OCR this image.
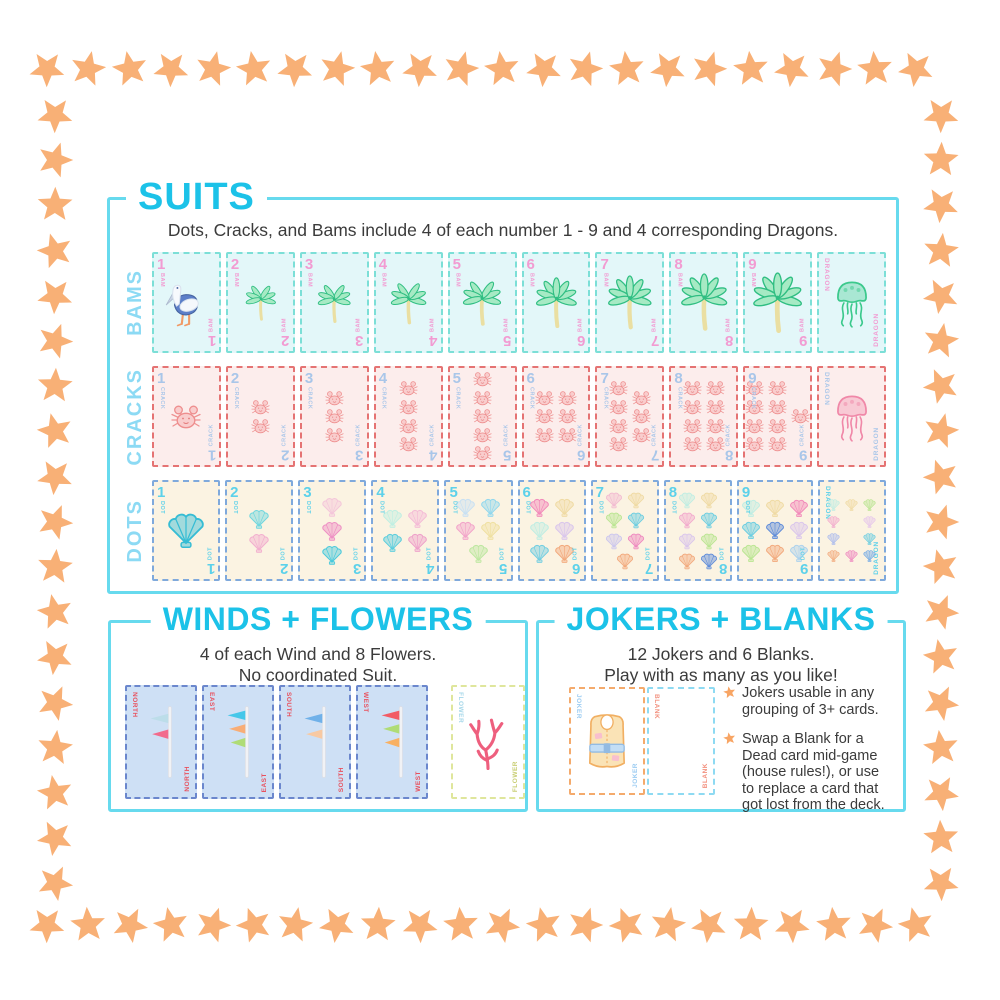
SUITS
Dots, Cracks, and Bams include 4 of each number 1 - 9 and 4 corresponding Dragons.
BAMS
1
BAM
1
BAM
2
BAM
2
BAM
3
BAM
3
BAM
4
BAM
4
BAM
5
BAM
5
BAM
6
BAM
6
BAM
7
BAM
7
BAM
8
BAM
8
BAM
9
BAM
9
BAM
DRAGON
DRAGON
CRACKS 1
CRACK
1
CRACK
2
CRACK
2
CRACK
3
CRACK
3
CRACK
4
CRACK
4
CRACK
5
CRACK
5
CRACK
6
CRACK
6
CRACK
7
CRACK
7
CRACK
8
CRACK
8
CRACK
9
CRACK
9
CRACK
DRAGON
DRAGON
DOTS
1
DOT
1
DOT
2
DOT
2
DOT
3
DOT
3
DOT
4
DOT
4
DOT
5
DOT
5
DOT
6
DOT
6
DOT
7
DOT
7
DOT
8
DOT
8
DOT
9
DOT
9
DOT
DRAGON
DRAGON
WINDS + FLOWERS
4 of each Wind and 8 Flowers.
No coordinated Suit.
NORTH
NORTH
EAST
EAST
SOUTH
SOUTH
WEST
WEST
FLOWER
FLOWER
JOKERS + BLANKS
12 Jokers and 6 Blanks.
Play with as many as you like!
JOKER
JOKER
BLANK
BLANK

Jokers usable in any grouping of 3+ cards.

Swap a Blank for a Dead card mid-game (house rules!), or use to replace a card that got lost from the deck.
